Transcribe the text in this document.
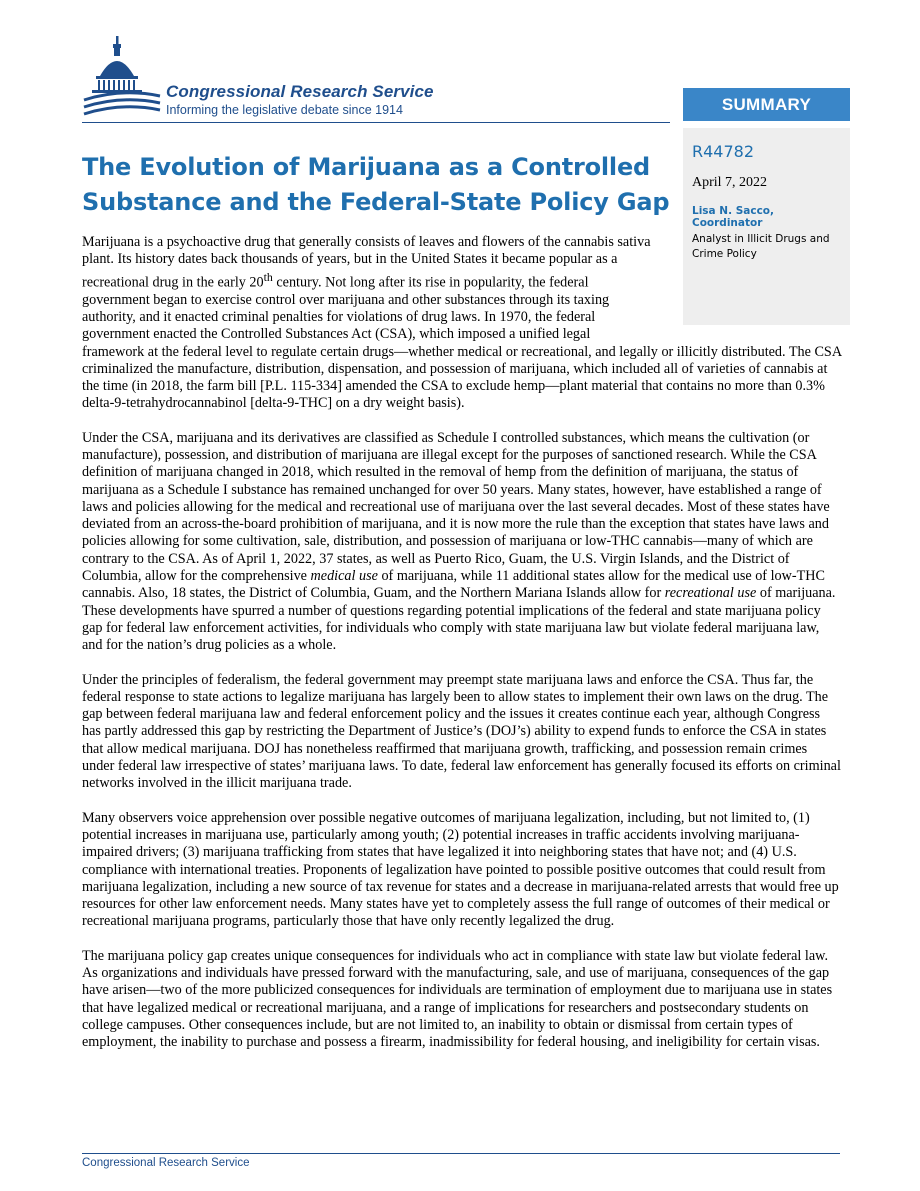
Congressional Research Service
Informing the legislative debate since 1914	SUMMARY
R44782
April 7, 2022
Lisa N. Sacco, Coordinator
Analyst in Illicit Drugs and Crime Policy
The Evolution of Marijuana as a Controlled Substance and the Federal-State Policy Gap

Marijuana is a psychoactive drug that generally consists of leaves and flowers of the cannabis sativa plant. Its history dates back thousands of years, but in the United States it became popular as a recreational drug in the early 20th century. Not long after its rise in popularity, the federal government began to exercise control over marijuana and other substances through its taxing authority, and it enacted criminal penalties for violations of drug laws. In 1970, the federal government enacted the Controlled Substances Act (CSA), which imposed a unified legal framework at the federal level to regulate certain drugs—whether medical or recreational, and legally or illicitly distributed. The CSA criminalized the manufacture, distribution, dispensation, and possession of marijuana, which included all of varieties of cannabis at the time (in 2018, the farm bill [P.L. 115-334] amended the CSA to exclude hemp—plant material that contains no more than 0.3% delta-9-tetrahydrocannabinol [delta-9-THC] on a dry weight basis).

Under the CSA, marijuana and its derivatives are classified as Schedule I controlled substances, which means the cultivation (or manufacture), possession, and distribution of marijuana are illegal except for the purposes of sanctioned research. While the CSA definition of marijuana changed in 2018, which resulted in the removal of hemp from the definition of marijuana, the status of marijuana as a Schedule I substance has remained unchanged for over 50 years. Many states, however, have established a range of laws and policies allowing for the medical and recreational use of marijuana over the last several decades. Most of these states have deviated from an across-the-board prohibition of marijuana, and it is now more the rule than the exception that states have laws and policies allowing for some cultivation, sale, distribution, and possession of marijuana or low-THC cannabis—many of which are contrary to the CSA. As of April 1, 2022, 37 states, as well as Puerto Rico, Guam, the U.S. Virgin Islands, and the District of Columbia, allow for the comprehensive medical use of marijuana, while 11 additional states allow for the medical use of low-THC cannabis. Also, 18 states, the District of Columbia, Guam, and the Northern Mariana Islands allow for recreational use of marijuana. These developments have spurred a number of questions regarding potential implications of the federal and state marijuana policy gap for federal law enforcement activities, for individuals who comply with state marijuana law but violate federal marijuana law, and for the nation’s drug policies as a whole.

Under the principles of federalism, the federal government may preempt state marijuana laws and enforce the CSA. Thus far, the federal response to state actions to legalize marijuana has largely been to allow states to implement their own laws on the drug. The gap between federal marijuana law and federal enforcement policy and the issues it creates continue each year, although Congress has partly addressed this gap by restricting the Department of Justice’s (DOJ’s) ability to expend funds to enforce the CSA in states that allow medical marijuana. DOJ has nonetheless reaffirmed that marijuana growth, trafficking, and possession remain crimes under federal law irrespective of states’ marijuana laws. To date, federal law enforcement has generally focused its efforts on criminal networks involved in the illicit marijuana trade.

Many observers voice apprehension over possible negative outcomes of marijuana legalization, including, but not limited to, (1) potential increases in marijuana use, particularly among youth; (2) potential increases in traffic accidents involving marijuana-impaired drivers; (3) marijuana trafficking from states that have legalized it into neighboring states that have not; and (4) U.S. compliance with international treaties. Proponents of legalization have pointed to possible positive outcomes that could result from marijuana legalization, including a new source of tax revenue for states and a decrease in marijuana-related arrests that would free up resources for other law enforcement needs. Many states have yet to completely assess the full range of outcomes of their medical or recreational marijuana programs, particularly those that have only recently legalized the drug.

The marijuana policy gap creates unique consequences for individuals who act in compliance with state law but violate federal law. As organizations and individuals have pressed forward with the manufacturing, sale, and use of marijuana, consequences of the gap have arisen—two of the more publicized consequences for individuals are termination of employment due to marijuana use in states that have legalized medical or recreational marijuana, and a range of implications for researchers and postsecondary students on college campuses. Other consequences include, but are not limited to, an inability to obtain or dismissal from certain types of employment, the inability to purchase and possess a firearm, inadmissibility for federal housing, and ineligibility for certain visas.

Congressional Research Service
